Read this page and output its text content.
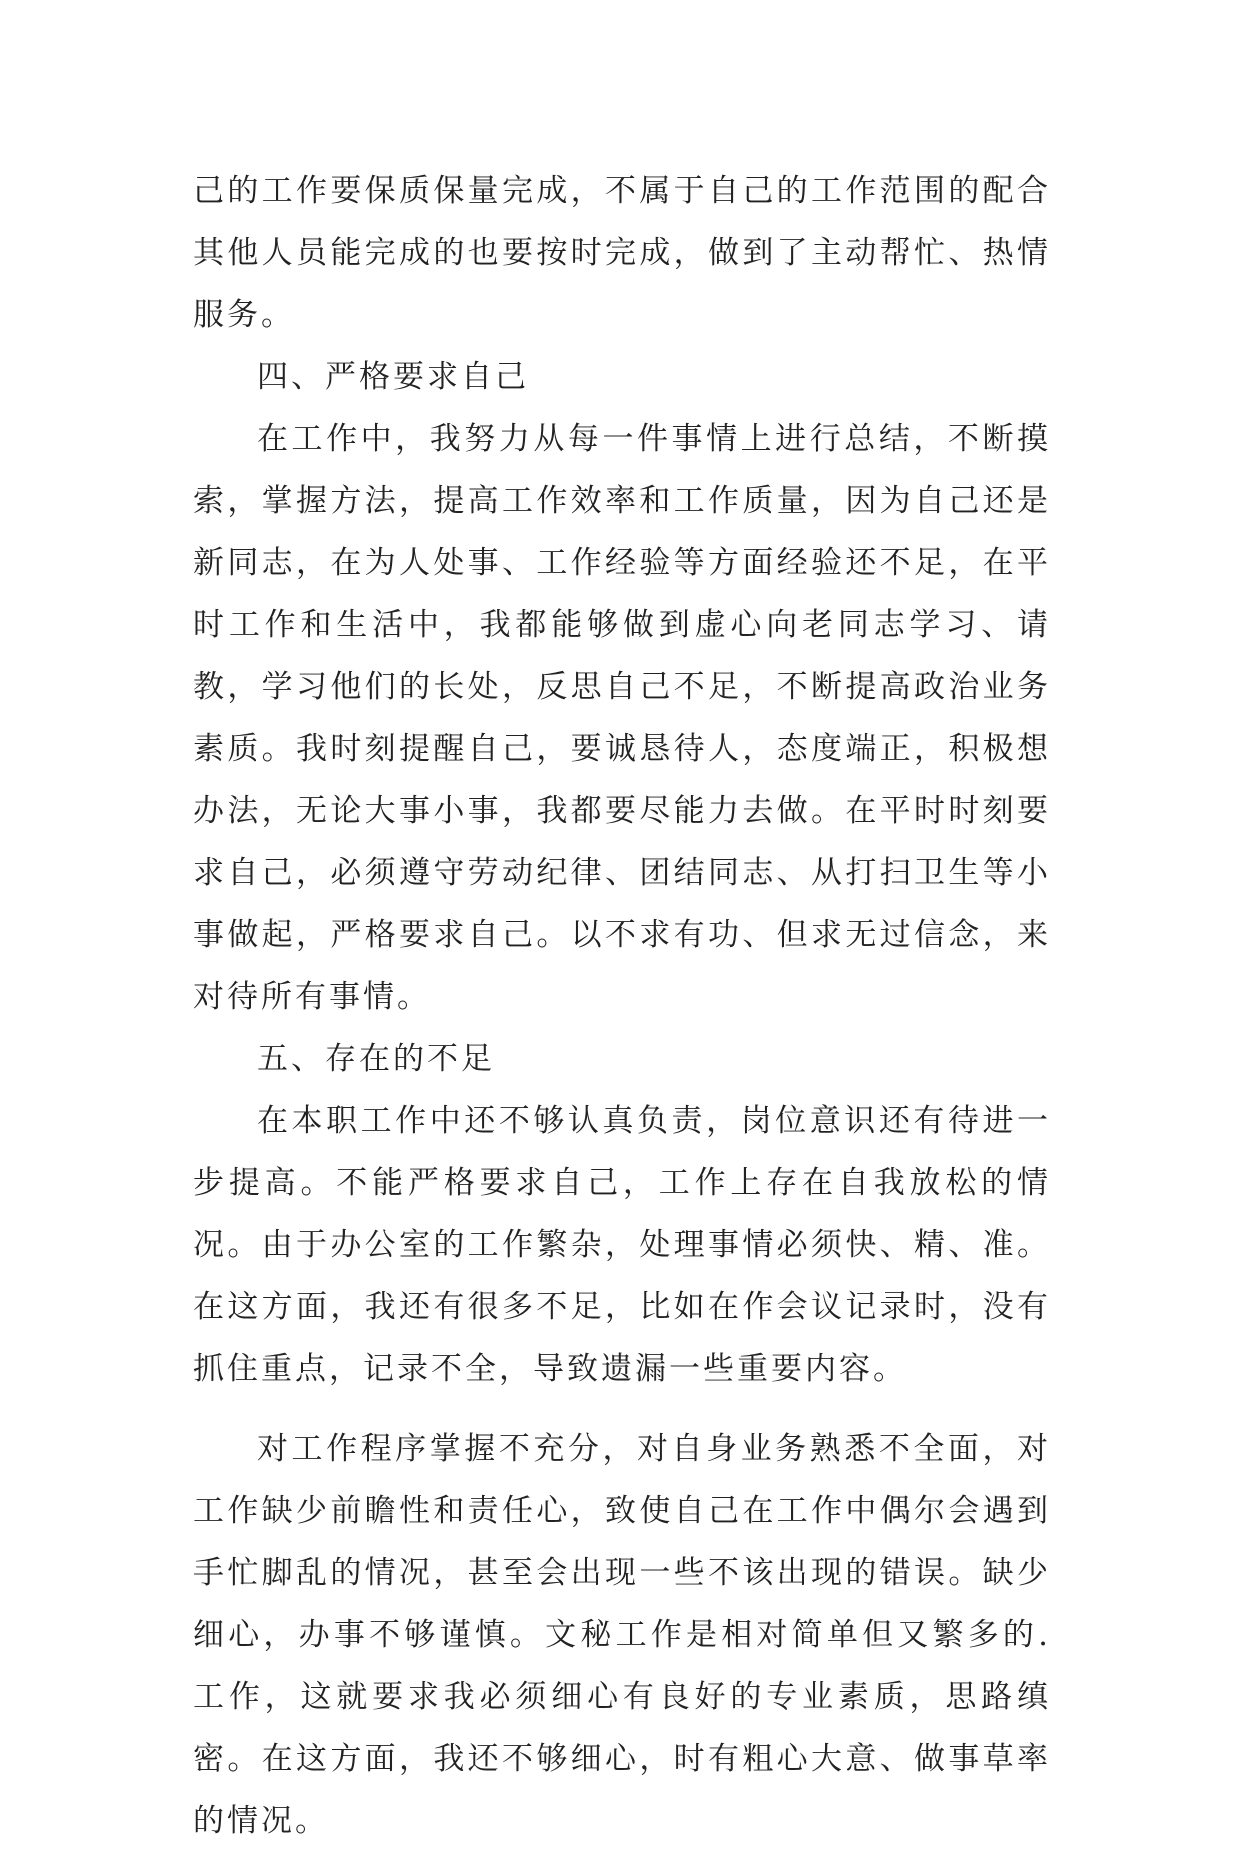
己的工作要保质保量完成，不属于自己的工作范围的配合其他人员能完成的也要按时完成，做到了主动帮忙、热情服务。

四、严格要求自己

在工作中，我努力从每一件事情上进行总结，不断摸索，掌握方法，提高工作效率和工作质量，因为自己还是新同志，在为人处事、工作经验等方面经验还不足，在平时工作和生活中，我都能够做到虚心向老同志学习、请教，学习他们的长处，反思自己不足，不断提高政治业务素质。我时刻提醒自己，要诚恳待人，态度端正，积极想办法，无论大事小事，我都要尽能力去做。在平时时刻要求自己，必须遵守劳动纪律、团结同志、从打扫卫生等小事做起，严格要求自己。以不求有功、但求无过信念，来对待所有事情。

五、存在的不足

在本职工作中还不够认真负责，岗位意识还有待进一步提高。不能严格要求自己，工作上存在自我放松的情况。由于办公室的工作繁杂，处理事情必须快、精、准。在这方面，我还有很多不足，比如在作会议记录时，没有抓住重点，记录不全，导致遗漏一些重要内容。

对工作程序掌握不充分，对自身业务熟悉不全面，对工作缺少前瞻性和责任心，致使自己在工作中偶尔会遇到手忙脚乱的情况，甚至会出现一些不该出现的错误。缺少细心，办事不够谨慎。文秘工作是相对简单但又繁多的.工作，这就要求我必须细心有良好的专业素质，思路缜密。在这方面，我还不够细心，时有粗心大意、做事草率的情况。
